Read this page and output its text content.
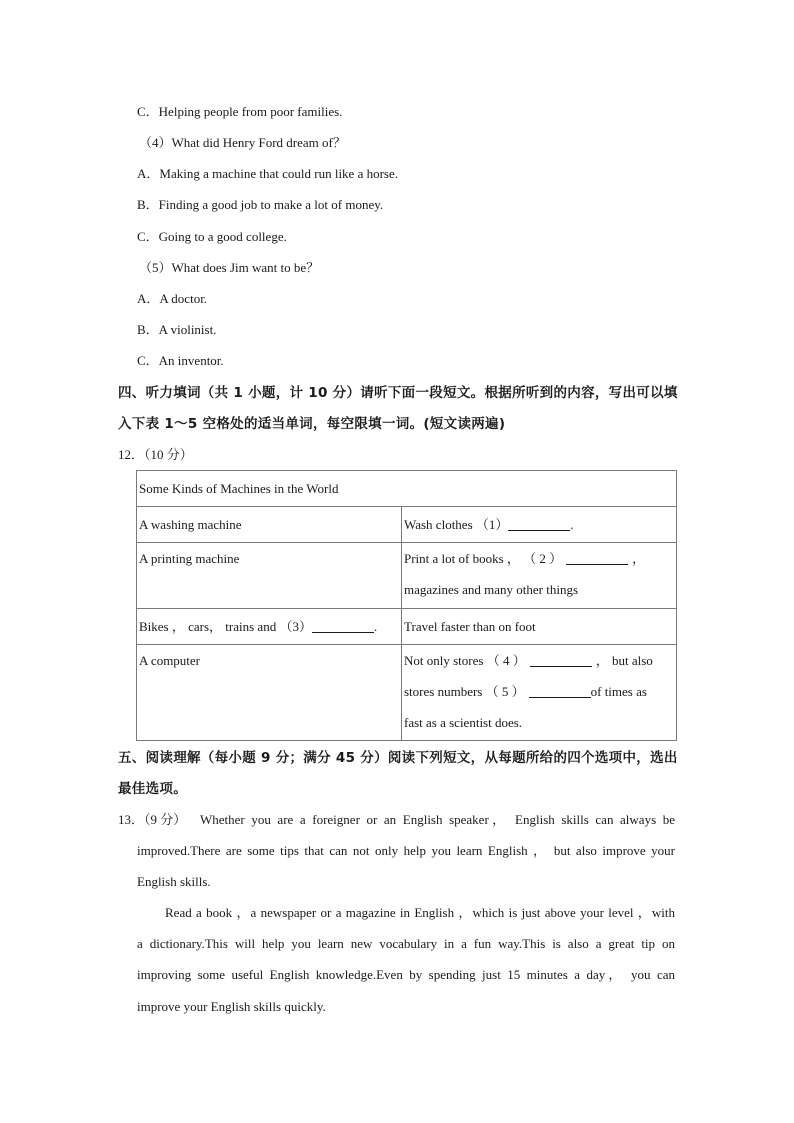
C．Helping people from poor families.
（4）What did Henry Ford dream of？
A．Making a machine that could run like a horse.
B．Finding a good job to make a lot of money.
C．Going to a good college.
（5）What does Jim want to be？
A．A doctor.
B．A violinist.
C．An inventor.
四、听力填词（共 1 小题，计 10 分）请听下面一段短文。根据所听到的内容，写出可以填
入下表 1～5 空格处的适当单词，每空限填一词。(短文读两遍)
12．（10 分）
Some Kinds of Machines in the World	
A washing machine	Wash clothes （1） .
A printing machine	Print a lot of books ， （ 2 ） ，
magazines and many other things

Bikes ， cars， trains and （3） .	Travel faster than on foot
A computer	Not only stores （ 4 ） ， but also
stores numbers （ 5 ） of times as
fast as a scientist does.
五、阅读理解（每小题 9 分；满分 45 分）阅读下列短文，从每题所给的四个选项中，选出
最佳选项。
13．（9 分） Whether you are a foreigner or an English speaker， English skills can always be
improved.There are some tips that can not only help you learn English ， but also improve your
English skills.
Read a book ，a newspaper or a magazine in English ，which is just above your level ，with
a dictionary.This will help you learn new vocabulary in a fun way.This is also a great tip on
improving some useful English knowledge.Even by spending just 15 minutes a day， you can
improve your English skills quickly.
